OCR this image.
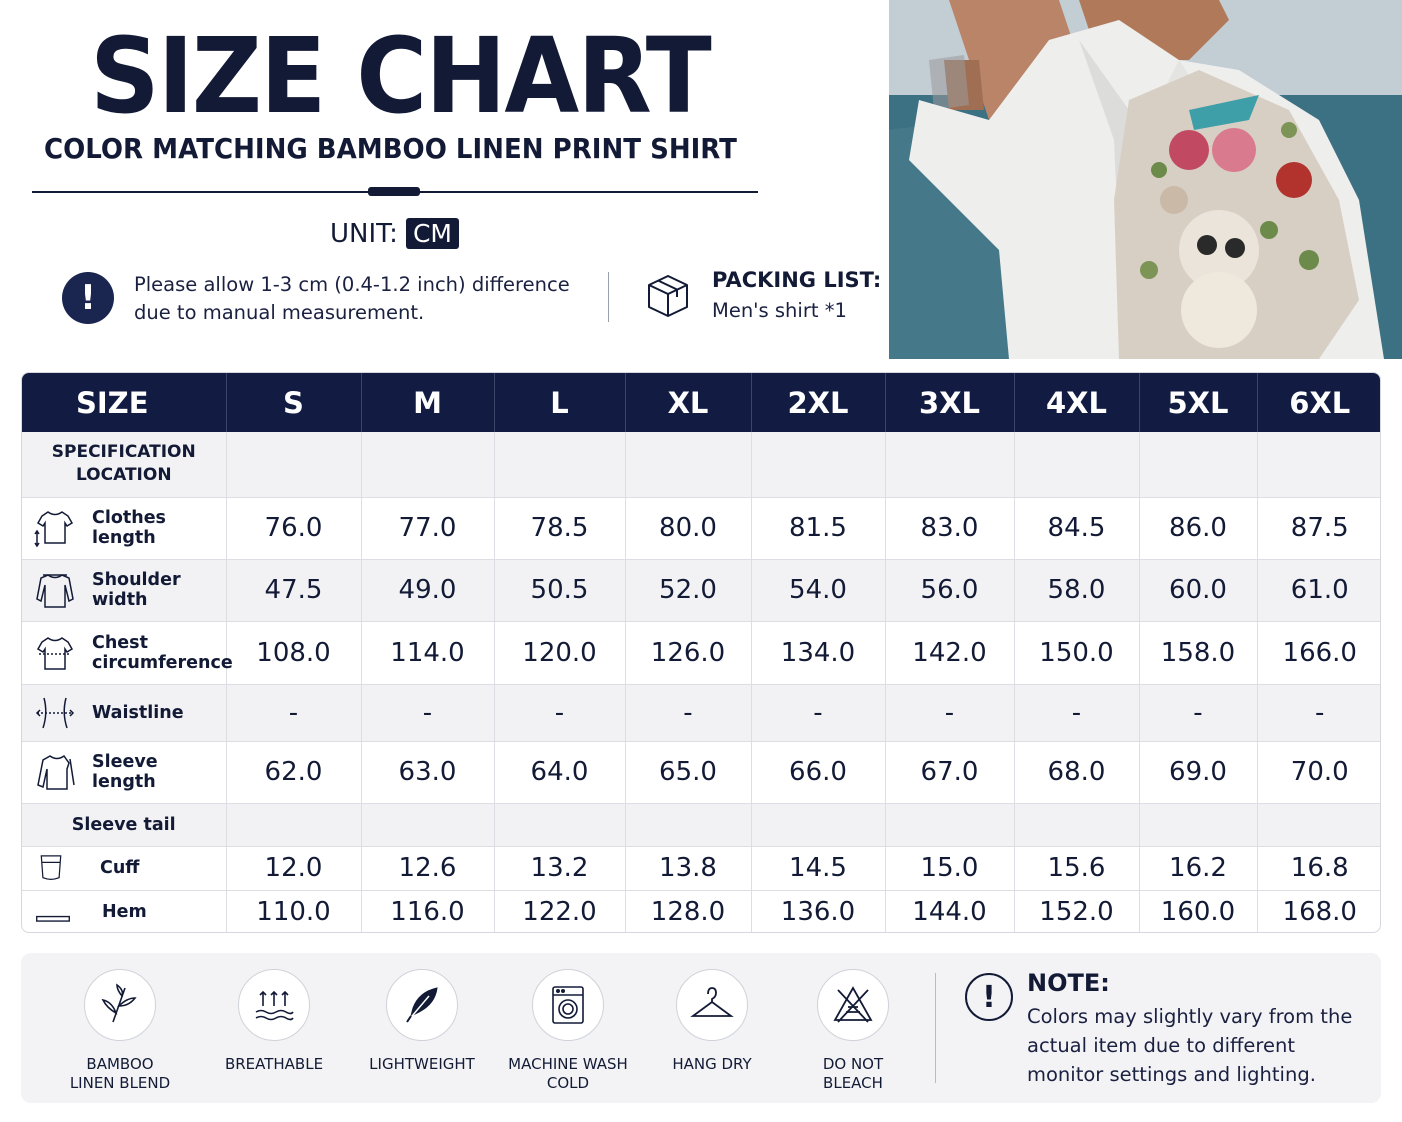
SIZE CHART
COLOR MATCHING BAMBOO LINEN PRINT SHIRT
UNIT: CM
!	Please allow 1-3 cm (0.4-1.2 inch) difference
due to manual measurement.
PACKING LIST:
Men's shirt *1
SIZE	S	M	L	XL	2XL	3XL	4XL	5XL	6XL

SPECIFICATION
LOCATION									

Clothes length	76.0	77.0	78.5	80.0	81.5	83.0	84.5	86.0	87.5

Shoulder width	47.5	49.0	50.5	52.0	54.0	56.0	58.0	60.0	61.0

Chest
circumference	108.0	114.0	120.0	126.0	134.0	142.0	150.0	158.0	166.0

Waistline	-	-	-	-	-	-	-	-	-

Sleeve length	62.0	63.0	64.0	65.0	66.0	67.0	68.0	69.0	70.0
Sleeve tail									

Cuff	12.0	12.6	13.2	13.8	14.5	15.0	15.6	16.2	16.8

Hem	110.0	116.0	122.0	128.0	136.0	144.0	152.0	160.0	168.0
BAMBOO
LINEN BLEND
BREATHABLE	LIGHTWEIGHT	MACHINE WASH
COLD
HANG DRY	DO NOT
BLEACH
!	NOTE:
Colors may slightly vary from the actual item due to different monitor settings and lighting.
